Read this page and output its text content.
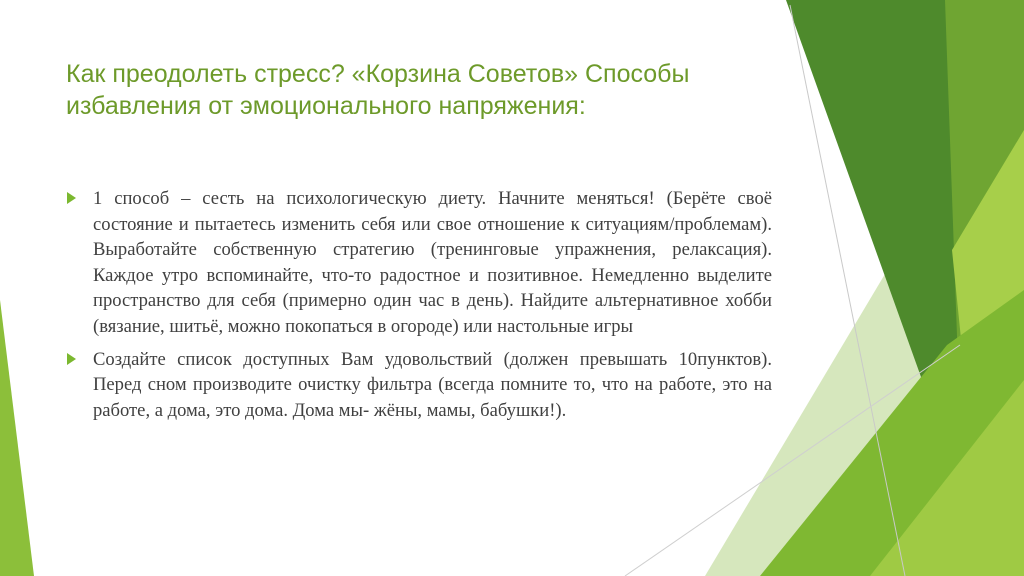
Как преодолеть стресс? «Корзина Советов» Способы избавления от эмоционального напряжения:
1 способ – сесть на психологическую диету. Начните меняться! (Берёте своё состояние и пытаетесь изменить себя или свое отношение к ситуациям/проблемам). Выработайте собственную стратегию (тренинговые упражнения, релаксация). Каждое утро вспоминайте, что-то радостное и позитивное. Немедленно выделите пространство для себя (примерно один час в день). Найдите альтернативное хобби (вязание, шитьё, можно покопаться в огороде) или настольные игры
Создайте список доступных Вам удовольствий (должен превышать 10пунктов). Перед сном производите очистку фильтра (всегда помните то, что на работе, это на работе, а дома, это дома. Дома мы- жёны, мамы, бабушки!).
